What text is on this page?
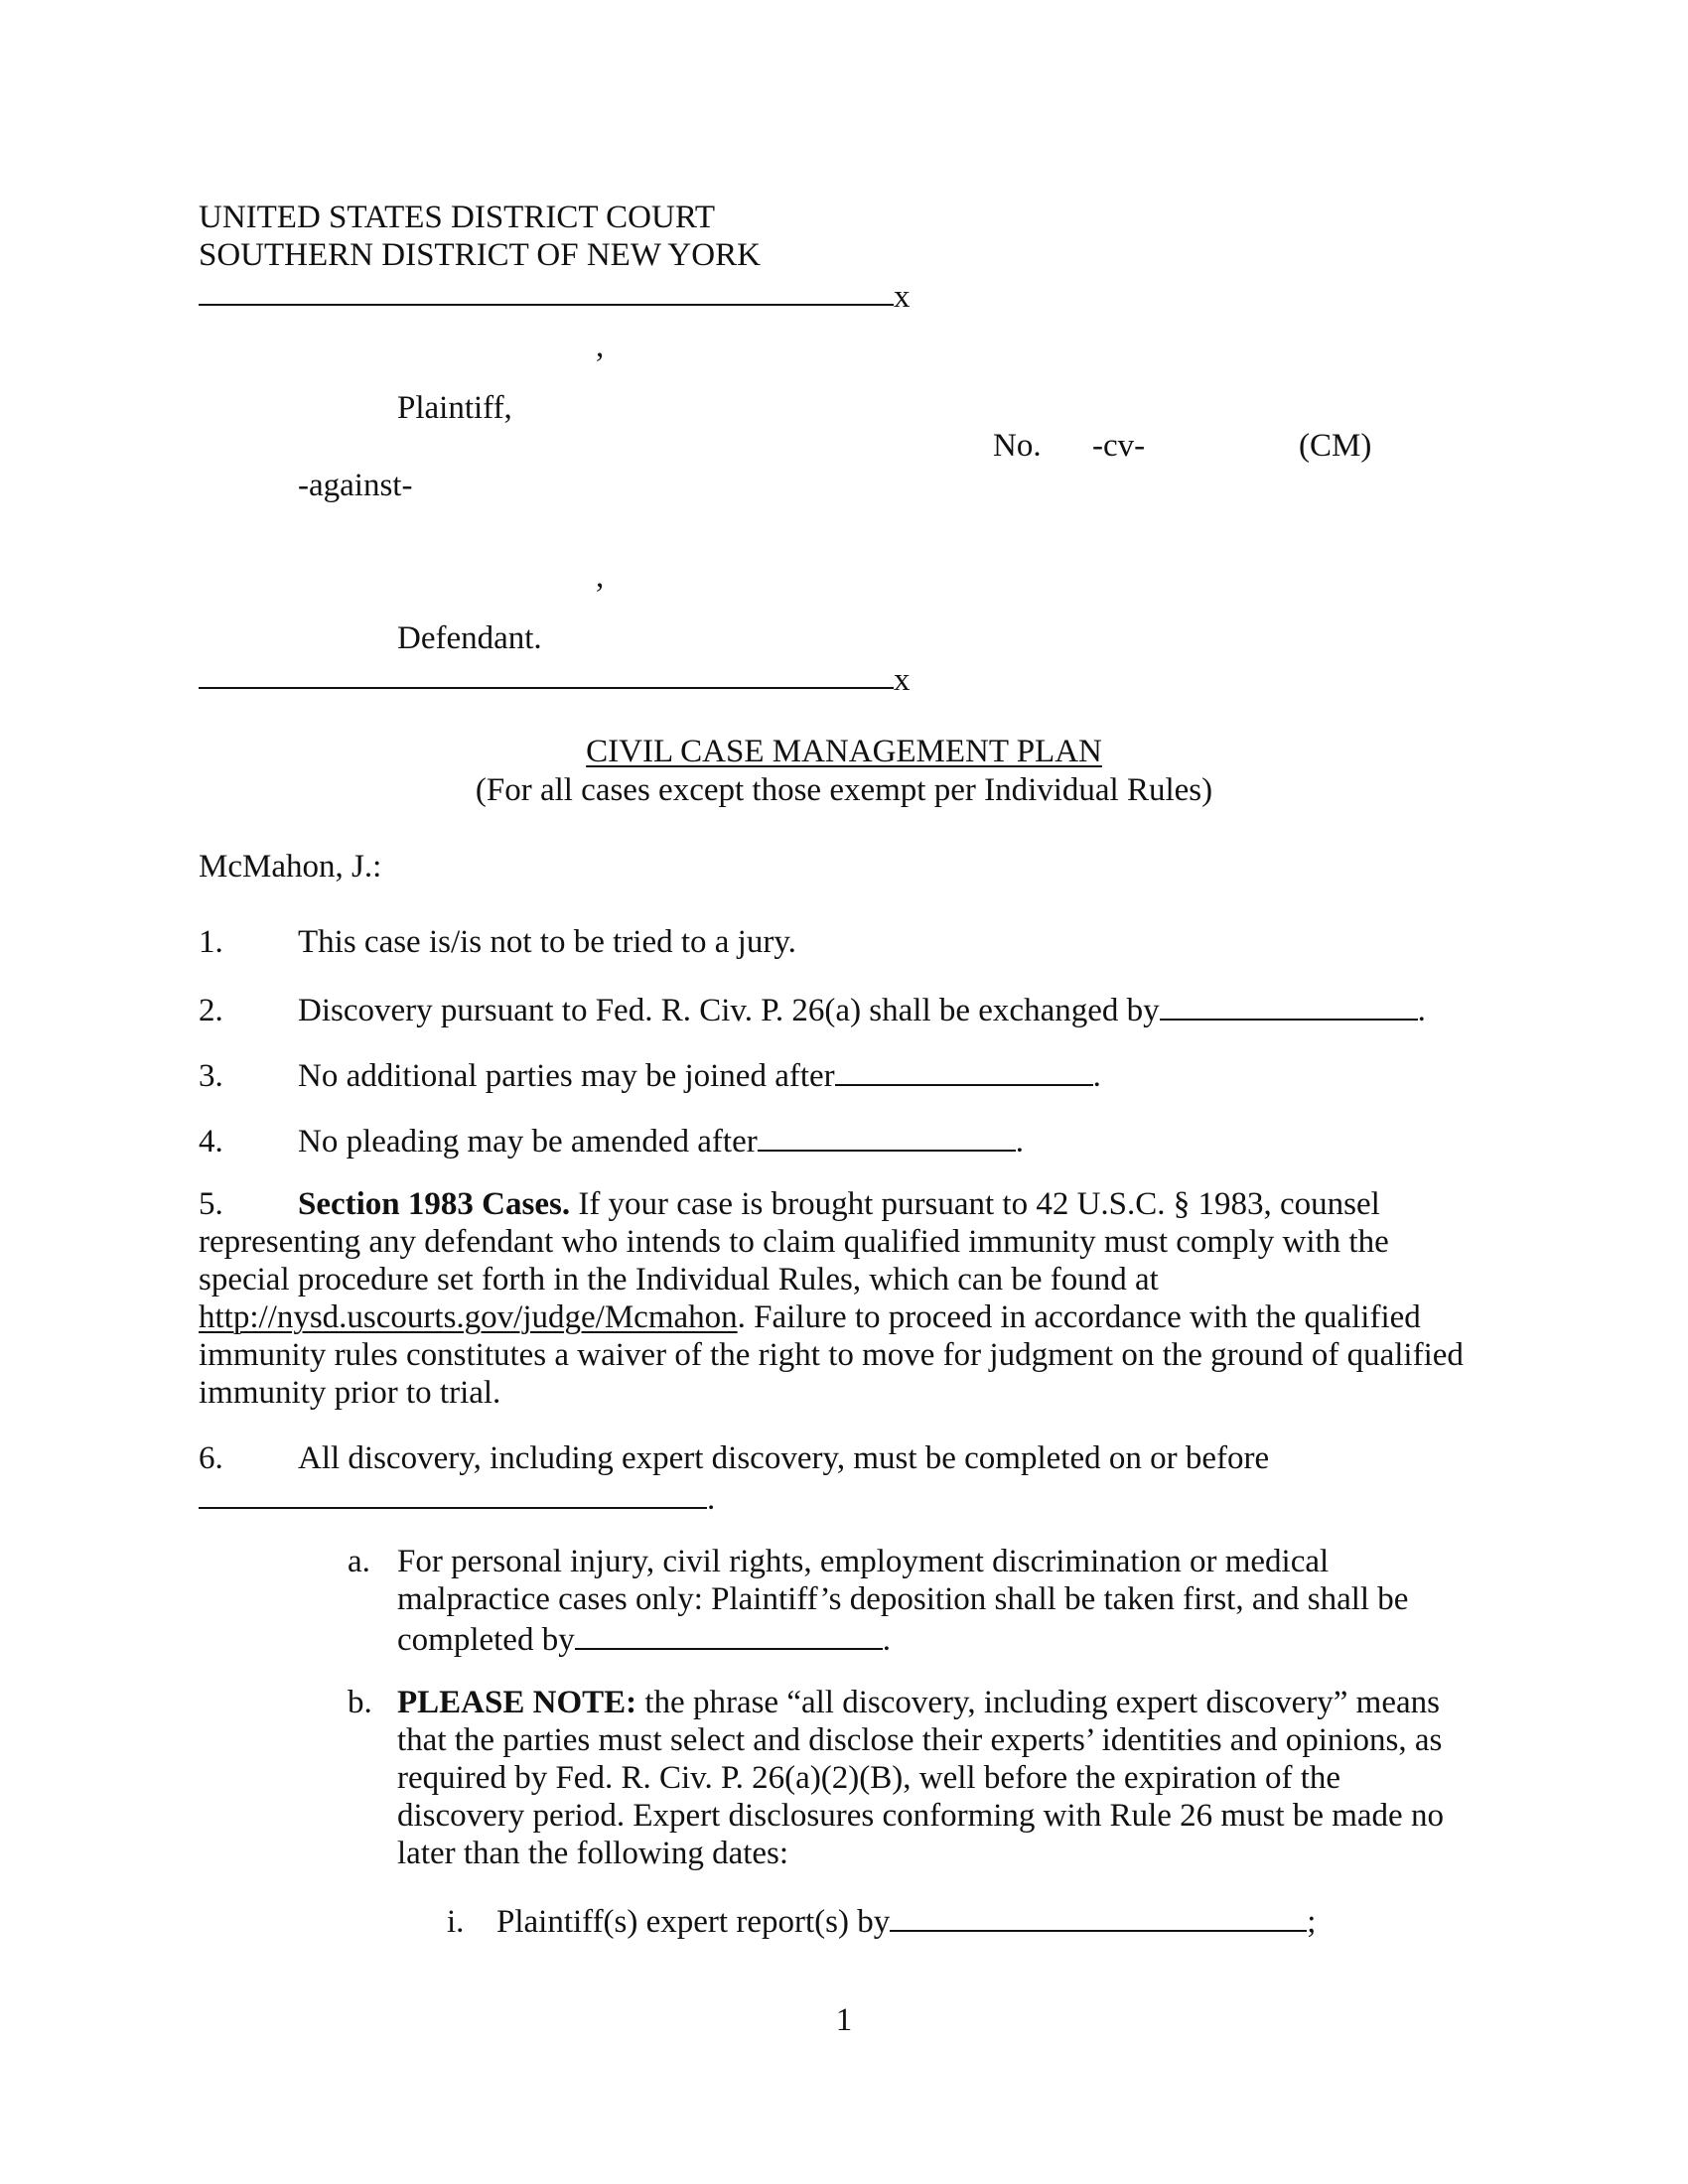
UNITED STATES DISTRICT COURT
SOUTHERN DISTRICT OF NEW YORK
x
,
Plaintiff,
No. -cv-	(CM)
-against-
,
Defendant.
x
CIVIL CASE MANAGEMENT PLAN
(For all cases except those exempt per Individual Rules)
McMahon, J.:
1. This case is/is not to be tried to a jury.
2. Discovery pursuant to Fed. R. Civ. P. 26(a) shall be exchanged by	.
3. No additional parties may be joined after	.
4. No pleading may be amended after	.
5. Section 1983 Cases. If your case is brought pursuant to 42 U.S.C. § 1983, counsel
representing any defendant who intends to claim qualified immunity must comply with the
special procedure set forth in the Individual Rules, which can be found at
http://nysd.uscourts.gov/judge/Mcmahon. Failure to proceed in accordance with the qualified
immunity rules constitutes a waiver of the right to move for judgment on the ground of qualified
immunity prior to trial.
6. All discovery, including expert discovery, must be completed on or before
.
a. For personal injury, civil rights, employment discrimination or medical
malpractice cases only: Plaintiff’s deposition shall be taken first, and shall be
completed by	.
b. PLEASE NOTE: the phrase “all discovery, including expert discovery” means
that the parties must select and disclose their experts’ identities and opinions, as
required by Fed. R. Civ. P. 26(a)(2)(B), well before the expiration of the
discovery period. Expert disclosures conforming with Rule 26 must be made no
later than the following dates:
i. Plaintiff(s) expert report(s) by	;
1
